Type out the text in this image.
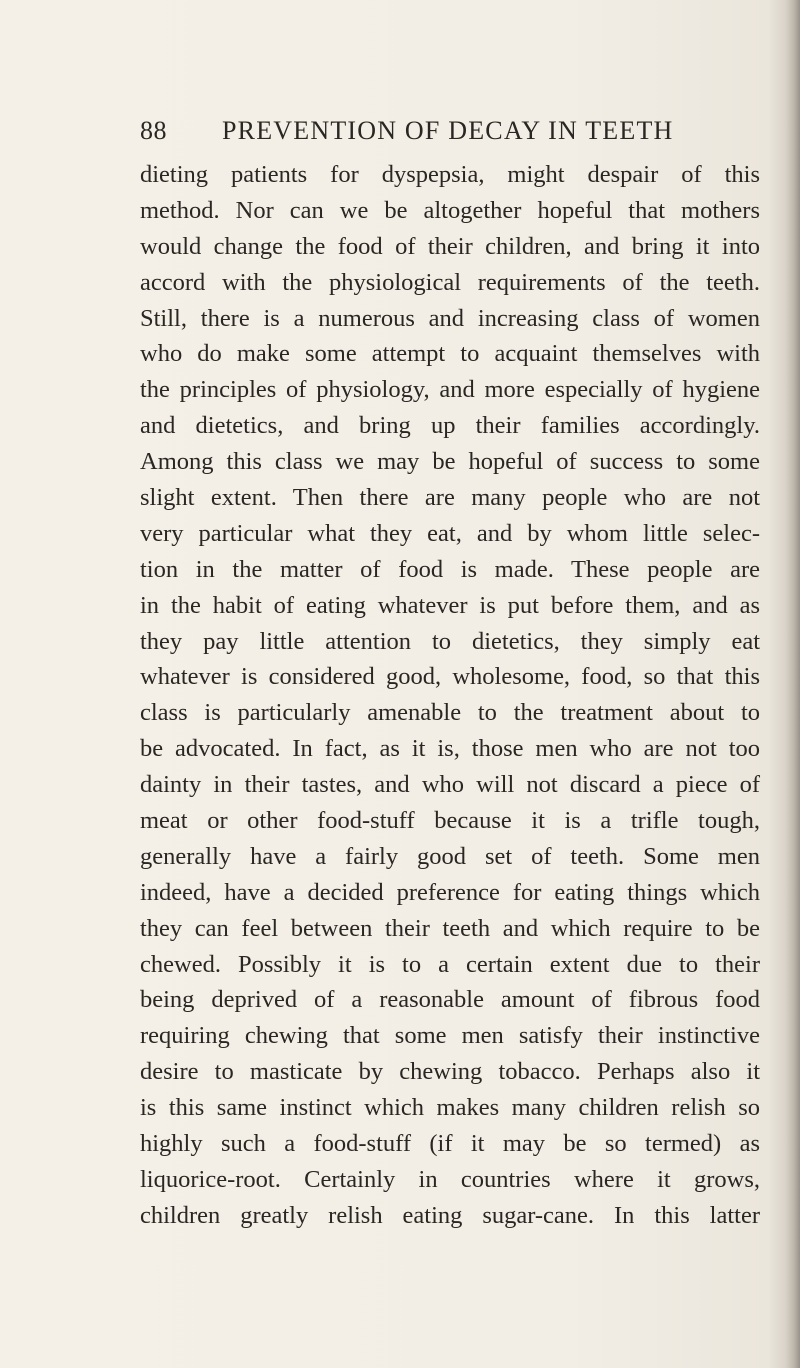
88 PREVENTION OF DECAY IN TEETH
dieting patients for dyspepsia, might despair of this
method. Nor can we be altogether hopeful that mothers
would change the food of their children, and bring it into
accord with the physiological requirements of the teeth.
Still, there is a numerous and increasing class of women
who do make some attempt to acquaint themselves with
the principles of physiology, and more especially of hygiene
and dietetics, and bring up their families accordingly.
Among this class we may be hopeful of success to some
slight extent. Then there are many people who are not
very particular what they eat, and by whom little selec-
tion in the matter of food is made. These people are
in the habit of eating whatever is put before them, and as
they pay little attention to dietetics, they simply eat
whatever is considered good, wholesome, food, so that this
class is particularly amenable to the treatment about to
be advocated. In fact, as it is, those men who are not too
dainty in their tastes, and who will not discard a piece of
meat or other food-stuff because it is a trifle tough,
generally have a fairly good set of teeth. Some men
indeed, have a decided preference for eating things which
they can feel between their teeth and which require to be
chewed. Possibly it is to a certain extent due to their
being deprived of a reasonable amount of fibrous food
requiring chewing that some men satisfy their instinctive
desire to masticate by chewing tobacco. Perhaps also it
is this same instinct which makes many children relish so
highly such a food-stuff (if it may be so termed) as
liquorice-root. Certainly in countries where it grows,
children greatly relish eating sugar-cane. In this latter
